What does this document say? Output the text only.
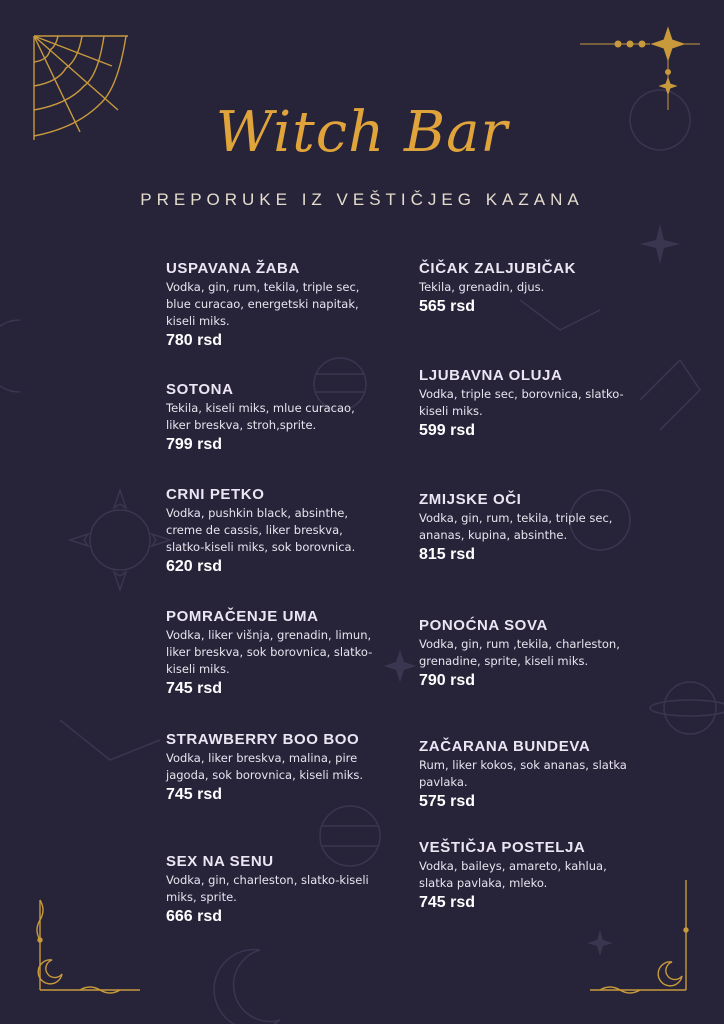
Witch Bar
PREPORUKE IZ VEŠTIČJEG KAZANA
USPAVANA ŽABA
Vodka, gin, rum, tekila, triple sec, blue curacao, energetski napitak, kiseli miks.
780 rsd
SOTONA
Tekila, kiseli miks, mlue curacao, liker breskva, stroh,sprite.
799 rsd
CRNI PETKO
Vodka, pushkin black, absinthe, creme de cassis, liker breskva, slatko-kiseli miks, sok borovnica.
620 rsd
POMRAČENJE UMA
Vodka, liker višnja, grenadin, limun, liker breskva, sok borovnica, slatko-kiseli miks.
745 rsd
STRAWBERRY BOO BOO
Vodka, liker breskva, malina, pire jagoda, sok borovnica, kiseli miks.
745 rsd
SEX NA SENU
Vodka, gin, charleston, slatko-kiseli miks, sprite.
666 rsd
ČIČAK ZALJUBIČAK
Tekila, grenadin, djus.
565 rsd
LJUBAVNA OLUJA
Vodka, triple sec, borovnica, slatko-kiseli miks.
599 rsd
ZMIJSKE OČI
Vodka, gin, rum, tekila, triple sec, ananas, kupina, absinthe.
815 rsd
PONOĆNA SOVA
Vodka, gin, rum ,tekila, charleston, grenadine, sprite, kiseli miks.
790 rsd
ZAČARANA BUNDEVA
Rum, liker kokos, sok ananas, slatka pavlaka.
575 rsd
VEŠTIČJA POSTELJA
Vodka, baileys, amareto, kahlua, slatka pavlaka, mleko.
745 rsd
